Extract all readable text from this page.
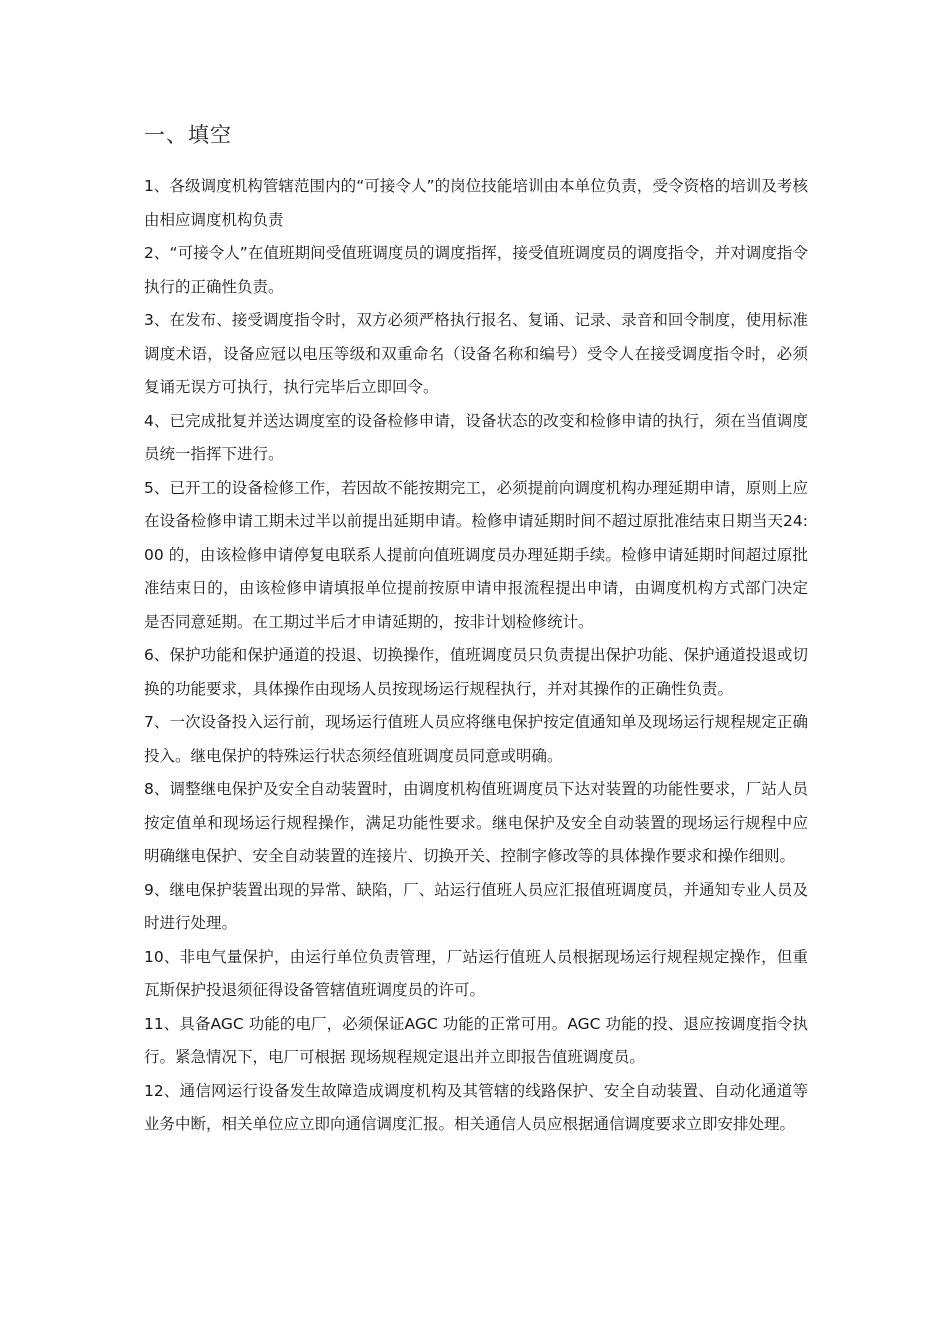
一、填空

1、各级调度机构管辖范围内的“可接令人”的岗位技能培训由本单位负责，受令资格的培训及考核由相应调度机构负责

2、“可接令人”在值班期间受值班调度员的调度指挥，接受值班调度员的调度指令，并对调度指令执行的正确性负责。

3、在发布、接受调度指令时，双方必须严格执行报名、复诵、记录、录音和回令制度，使用标准调度术语，设备应冠以电压等级和双重命名（设备名称和编号）受令人在接受调度指令时，必须复诵无误方可执行，执行完毕后立即回令。

4、已完成批复并送达调度室的设备检修申请，设备状态的改变和检修申请的执行，须在当值调度员统一指挥下进行。

5、已开工的设备检修工作，若因故不能按期完工，必须提前向调度机构办理延期申请，原则上应在设备检修申请工期未过半以前提出延期申请。检修申请延期时间不超过原批准结束日期当天24:00 的，由该检修申请停复电联系人提前向值班调度员办理延期手续。检修申请延期时间超过原批准结束日的，由该检修申请填报单位提前按原申请申报流程提出申请，由调度机构方式部门决定是否同意延期。在工期过半后才申请延期的，按非计划检修统计。

6、保护功能和保护通道的投退、切换操作，值班调度员只负责提出保护功能、保护通道投退或切换的功能要求，具体操作由现场人员按现场运行规程执行，并对其操作的正确性负责。

7、一次设备投入运行前，现场运行值班人员应将继电保护按定值通知单及现场运行规程规定正确投入。继电保护的特殊运行状态须经值班调度员同意或明确。

8、调整继电保护及安全自动装置时，由调度机构值班调度员下达对装置的功能性要求，厂站人员按定值单和现场运行规程操作，满足功能性要求。继电保护及安全自动装置的现场运行规程中应明确继电保护、安全自动装置的连接片、切换开关、控制字修改等的具体操作要求和操作细则。

9、继电保护装置出现的异常、缺陷，厂、站运行值班人员应汇报值班调度员，并通知专业人员及时进行处理。

10、非电气量保护，由运行单位负责管理，厂站运行值班人员根据现场运行规程规定操作，但重瓦斯保护投退须征得设备管辖值班调度员的许可。

11、具备AGC 功能的电厂，必须保证AGC 功能的正常可用。AGC 功能的投、退应按调度指令执行。紧急情况下，电厂可根据 现场规程规定退出并立即报告值班调度员。

12、通信网运行设备发生故障造成调度机构及其管辖的线路保护、安全自动装置、自动化通道等业务中断，相关单位应立即向通信调度汇报。相关通信人员应根据通信调度要求立即安排处理。
